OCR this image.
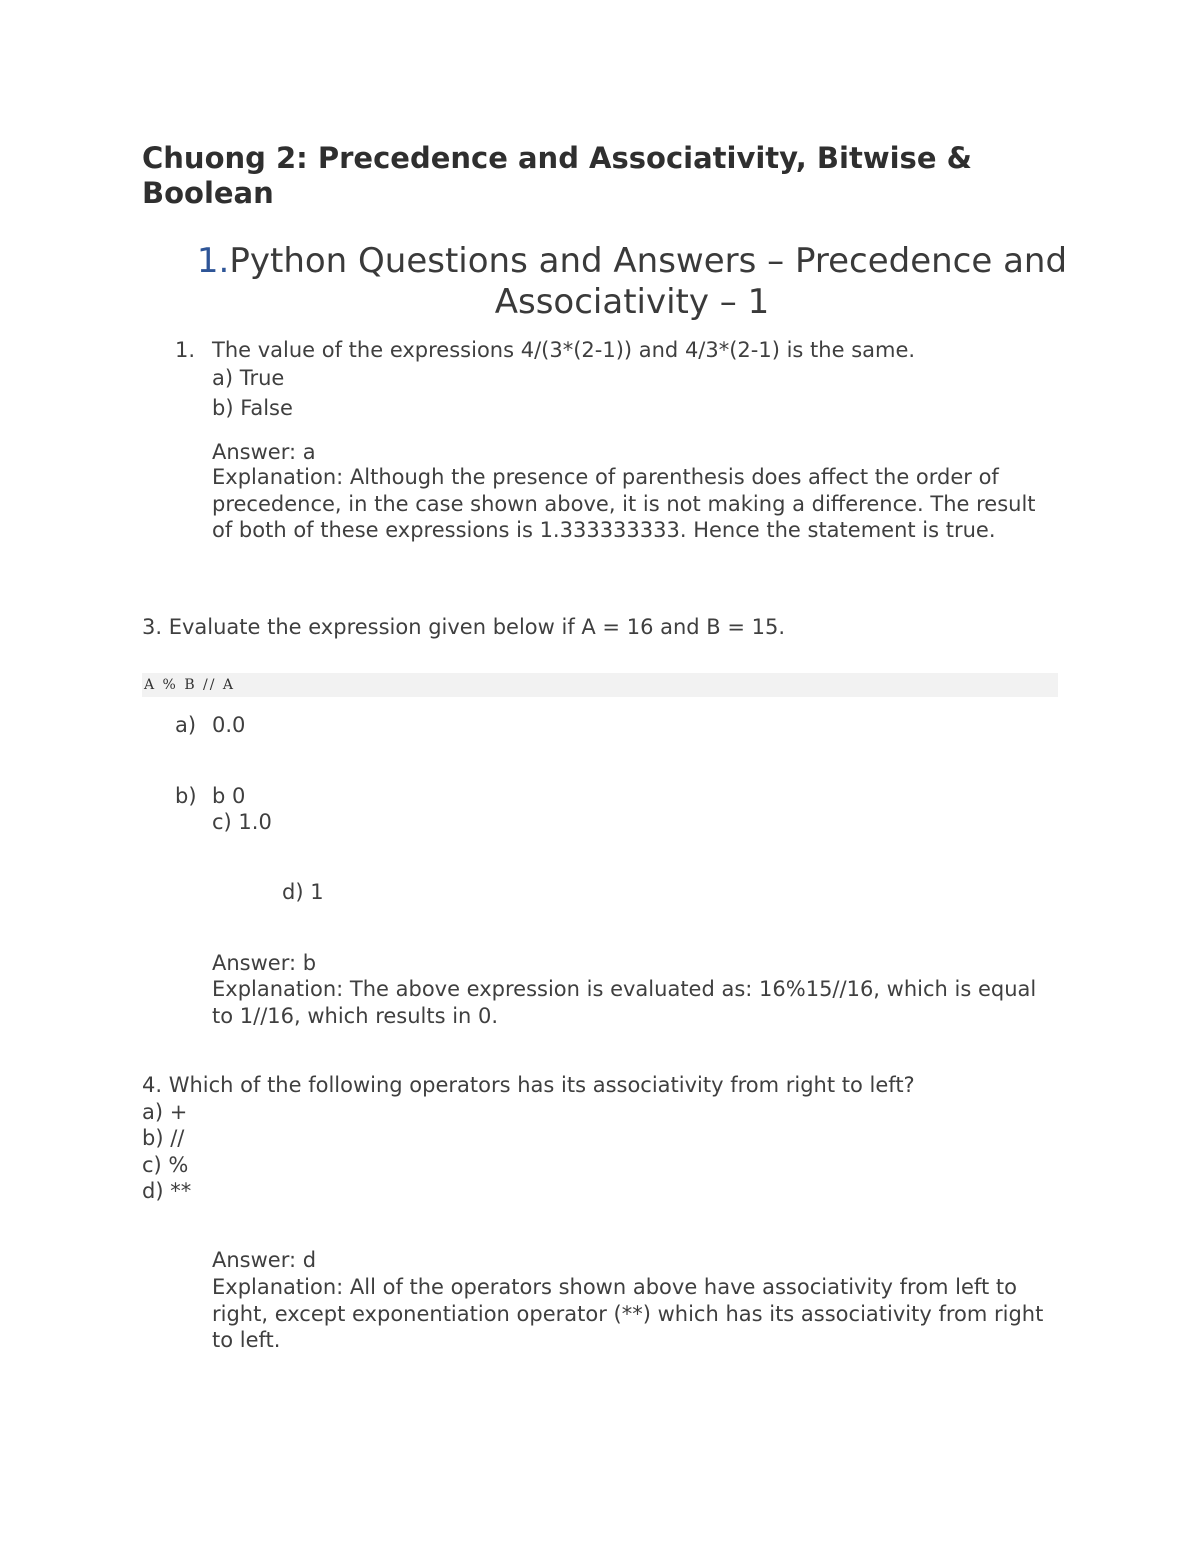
Chuong 2: Precedence and Associativity, Bitwise & Boolean
1.Python Questions and Answers – Precedence and Associativity – 1
1. The value of the expressions 4/(3*(2-1)) and 4/3*(2-1) is the same.
a) True
b) False
Answer: a
Explanation: Although the presence of parenthesis does affect the order of precedence, in the case shown above, it is not making a difference. The result of both of these expressions is 1.333333333. Hence the statement is true.
3. Evaluate the expression given below if A = 16 and B = 15.
A % B // A
a) 0.0
b) b 0
c) 1.0
d) 1
Answer: b
Explanation: The above expression is evaluated as: 16%15//16, which is equal to 1//16, which results in 0.
4. Which of the following operators has its associativity from right to left?
a) +
b) //
c) %
d) **
Answer: d
Explanation: All of the operators shown above have associativity from left to right, except exponentiation operator (**) which has its associativity from right to left.
